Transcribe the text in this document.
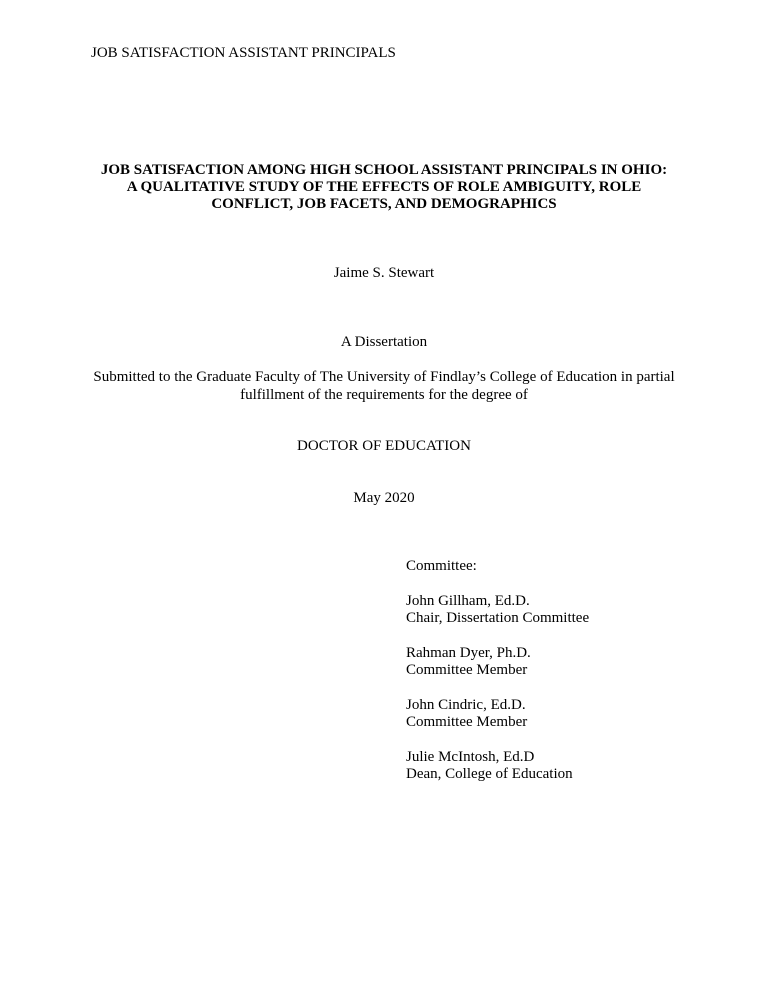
JOB SATISFACTION ASSISTANT PRINCIPALS
JOB SATISFACTION AMONG HIGH SCHOOL ASSISTANT PRINCIPALS IN OHIO:
A QUALITATIVE STUDY OF THE EFFECTS OF ROLE AMBIGUITY, ROLE
CONFLICT, JOB FACETS, AND DEMOGRAPHICS
Jaime S. Stewart
A Dissertation
Submitted to the Graduate Faculty of The University of Findlay’s College of Education in partial
fulfillment of the requirements for the degree of
DOCTOR OF EDUCATION
May 2020
Committee:
John Gillham, Ed.D.
Chair, Dissertation Committee
Rahman Dyer, Ph.D.
Committee Member
John Cindric, Ed.D.
Committee Member
Julie McIntosh, Ed.D
Dean, College of Education
